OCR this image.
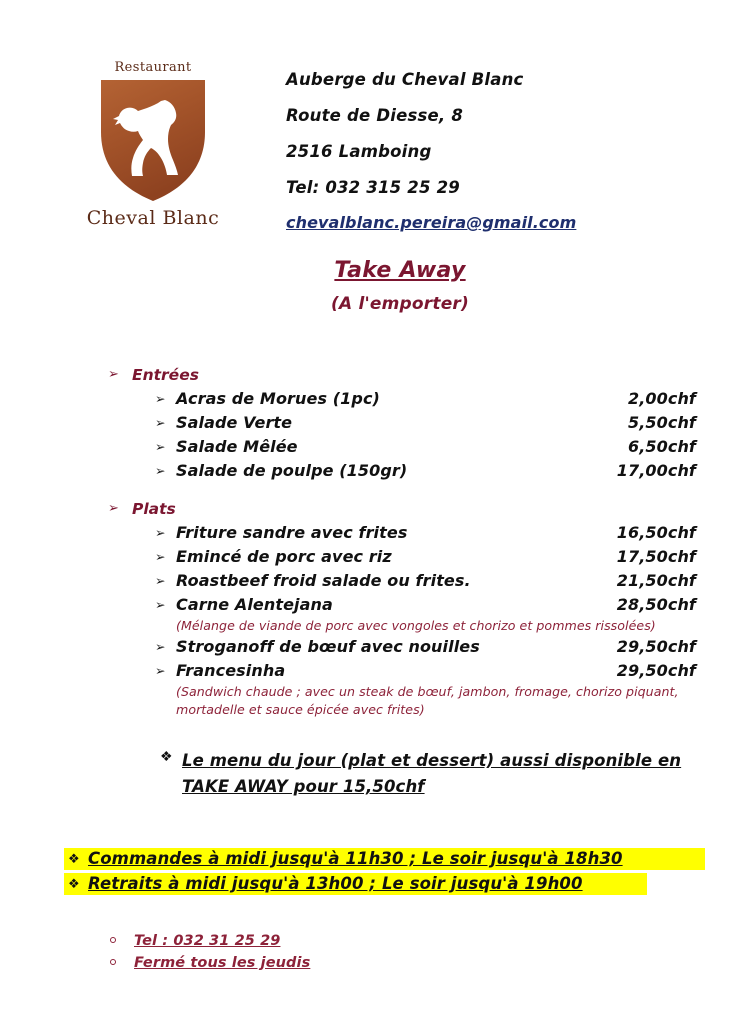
Restaurant
Cheval Blanc
Auberge du Cheval Blanc
Route de Diesse, 8
2516 Lamboing
Tel: 032 315 25 29
chevalblanc.pereira@gmail.com
Take Away
(A l'emporter)
➢ Entrées
➢ Acras de Morues (1pc)	2,00chf
➢ Salade Verte	5,50chf
➢ Salade Mêlée	6,50chf
➢ Salade de poulpe (150gr)	17,00chf
➢ Plats
➢ Friture sandre avec frites	16,50chf
➢ Emincé de porc avec riz	17,50chf
➢ Roastbeef froid salade ou frites.	21,50chf
➢ Carne Alentejana	28,50chf
(Mélange de viande de porc avec vongoles et chorizo et pommes rissolées)
➢ Stroganoff de bœuf avec nouilles	29,50chf
➢ Francesinha	29,50chf
(Sandwich chaude ; avec un steak de bœuf, jambon, fromage, chorizo piquant, mortadelle et sauce épicée avec frites)
❖ Le menu du jour (plat et dessert) aussi disponible en
TAKE AWAY pour 15,50chf
❖ Commandes à midi jusqu'à 11h30 ; Le soir jusqu'à 18h30
❖ Retraits à midi jusqu'à 13h00 ; Le soir jusqu'à 19h00
Tel : 032 31 25 29
Fermé tous les jeudis
